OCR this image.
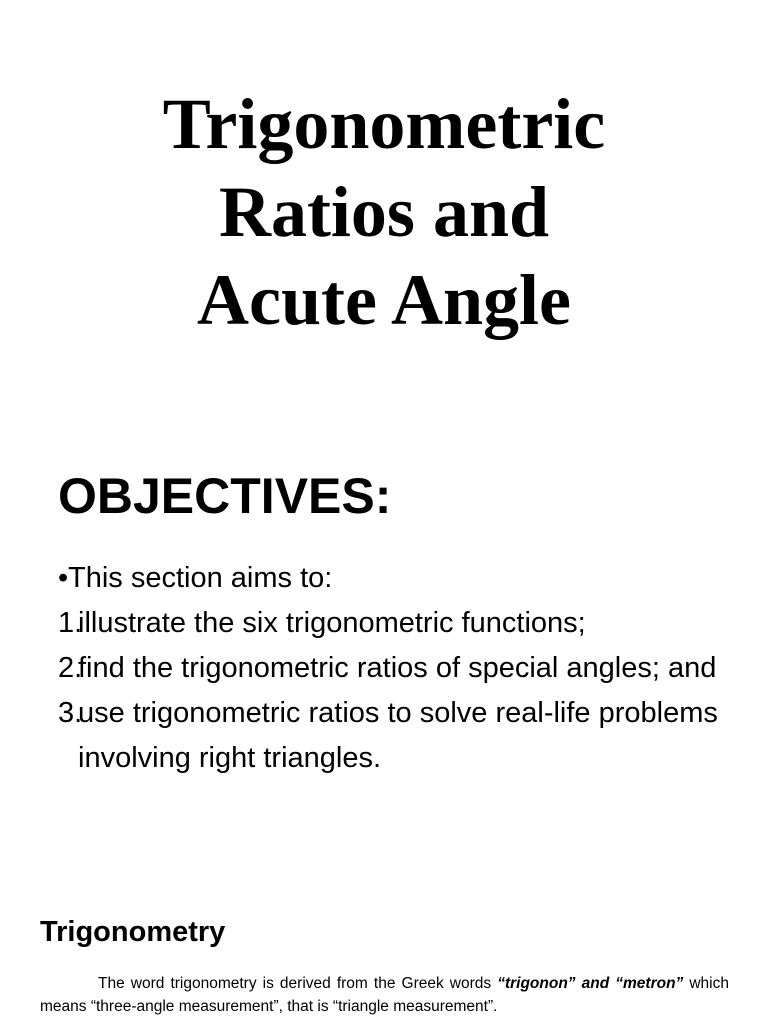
Trigonometric
Ratios and
Acute Angle
OBJECTIVES:
• This section aims to:
1.
illustrate the six trigonometric functions;
2.
find the trigonometric ratios of special angles; and
3.
use trigonometric ratios to solve real-life problems involving right triangles.
Trigonometry

The word trigonometry is derived from the Greek words “trigonon” and “metron” which means “three-angle measurement”, that is “triangle measurement”.
